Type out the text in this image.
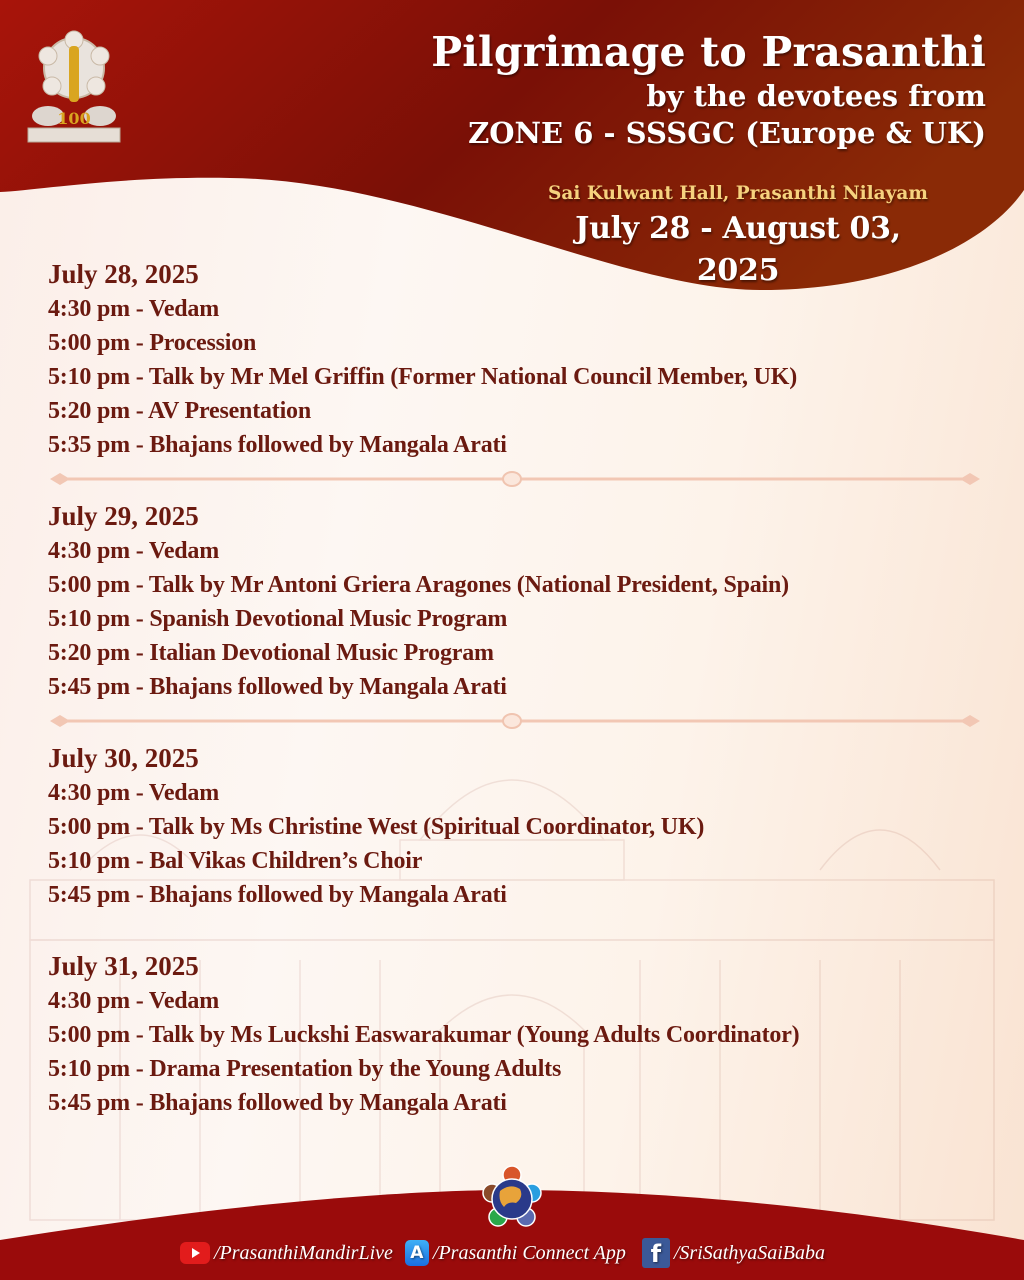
100
Pilgrimage to Prasanthi
by the devotees from
ZONE 6 - SSSGC (Europe & UK)
Sai Kulwant Hall, Prasanthi Nilayam
July 28 - August 03, 2025
July 28, 2025
4:30 pm - Vedam
5:00 pm - Procession
5:10 pm - Talk by Mr Mel Griffin (Former National Council Member, UK)
5:20 pm - AV Presentation
5:35 pm - Bhajans followed by Mangala Arati
July 29, 2025
4:30 pm - Vedam
5:00 pm - Talk by Mr Antoni Griera Aragones (National President, Spain)
5:10 pm - Spanish Devotional Music Program
5:20 pm - Italian Devotional Music Program
5:45 pm - Bhajans followed by Mangala Arati
July 30, 2025
4:30 pm - Vedam
5:00 pm - Talk by Ms Christine West (Spiritual Coordinator, UK)
5:10 pm - Bal Vikas Children’s Choir
5:45 pm - Bhajans followed by Mangala Arati
July 31, 2025
4:30 pm - Vedam
5:00 pm - Talk by Ms Luckshi Easwarakumar (Young Adults Coordinator)
5:10 pm - Drama Presentation by the Young Adults
5:45 pm - Bhajans followed by Mangala Arati
/PrasanthiMandirLive	A /Prasanthi Connect App	f /SriSathyaSaiBaba
